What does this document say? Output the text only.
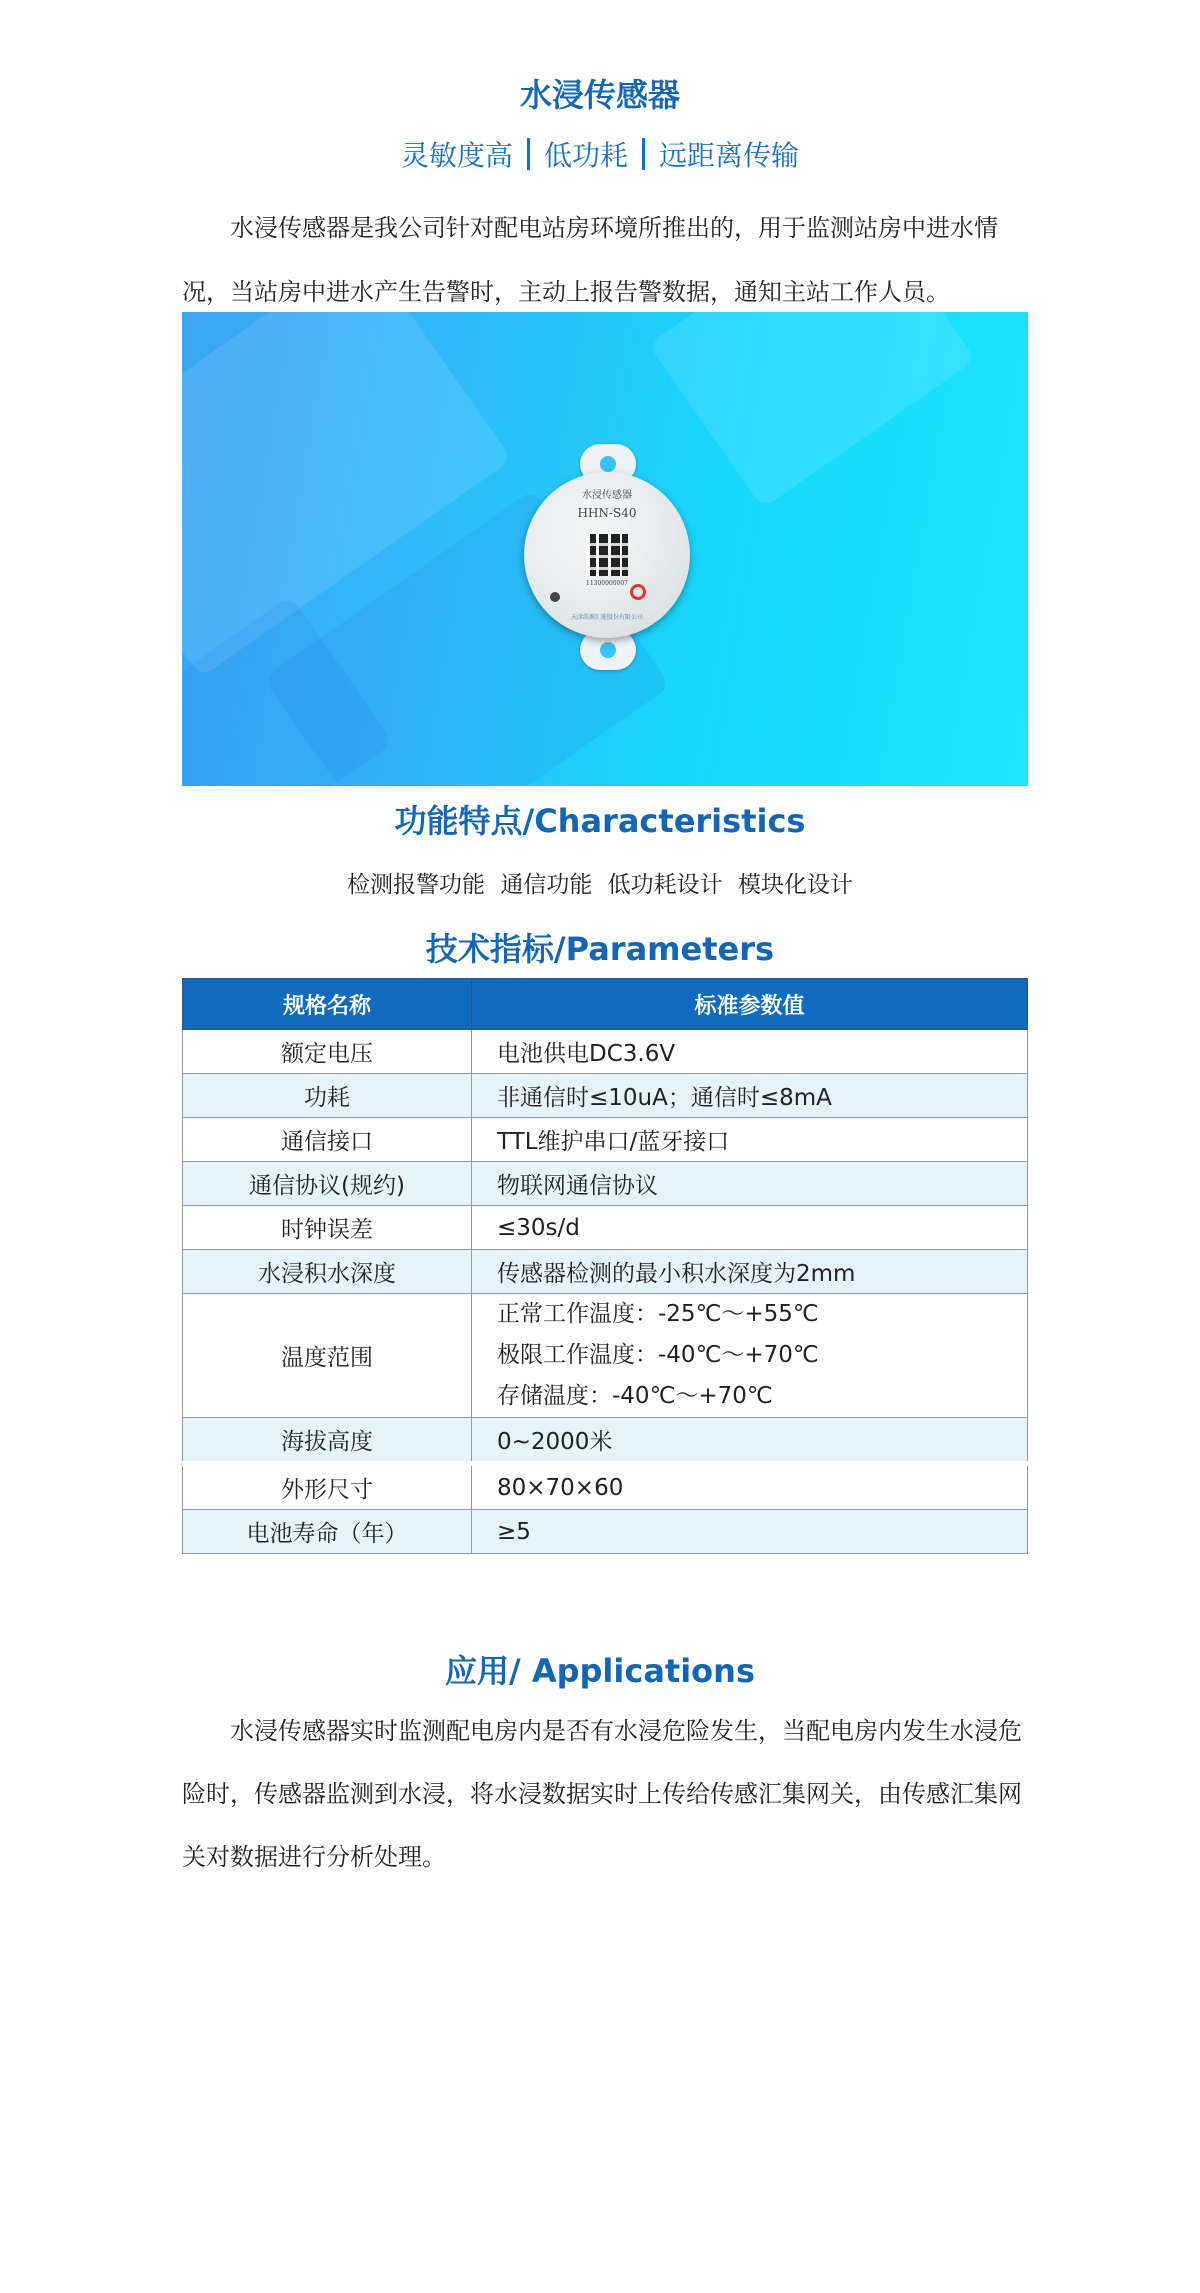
水浸传感器
灵敏度高 低功耗 远距离传输
水浸传感器是我公司针对配电站房环境所推出的，用于监测站房中进水情况，当站房中进水产生告警时，主动上报告警数据，通知主站工作人员。
水浸传感器
HHN-S40
11300000007
天津浩源汇能股份有限公司
功能特点/Characteristics
检测报警功能 通信功能 低功耗设计 模块化设计
技术指标/Parameters
规格名称	标准参数值
额定电压	电池供电DC3.6V
功耗	非通信时≤10uA；通信时≤8mA
通信接口	TTL维护串口/蓝牙接口
通信协议(规约)	物联网通信协议
时钟误差	≤30s/d
水浸积水深度	传感器检测的最小积水深度为2mm
温度范围	正常工作温度：-25℃～+55℃
极限工作温度：-40℃～+70℃
存储温度：-40℃～+70℃

海拔高度	0~2000米
外形尺寸	80×70×60
电池寿命（年）	≥5
应用/ Applications
水浸传感器实时监测配电房内是否有水浸危险发生，当配电房内发生水浸危险时，传感器监测到水浸，将水浸数据实时上传给传感汇集网关，由传感汇集网关对数据进行分析处理。
